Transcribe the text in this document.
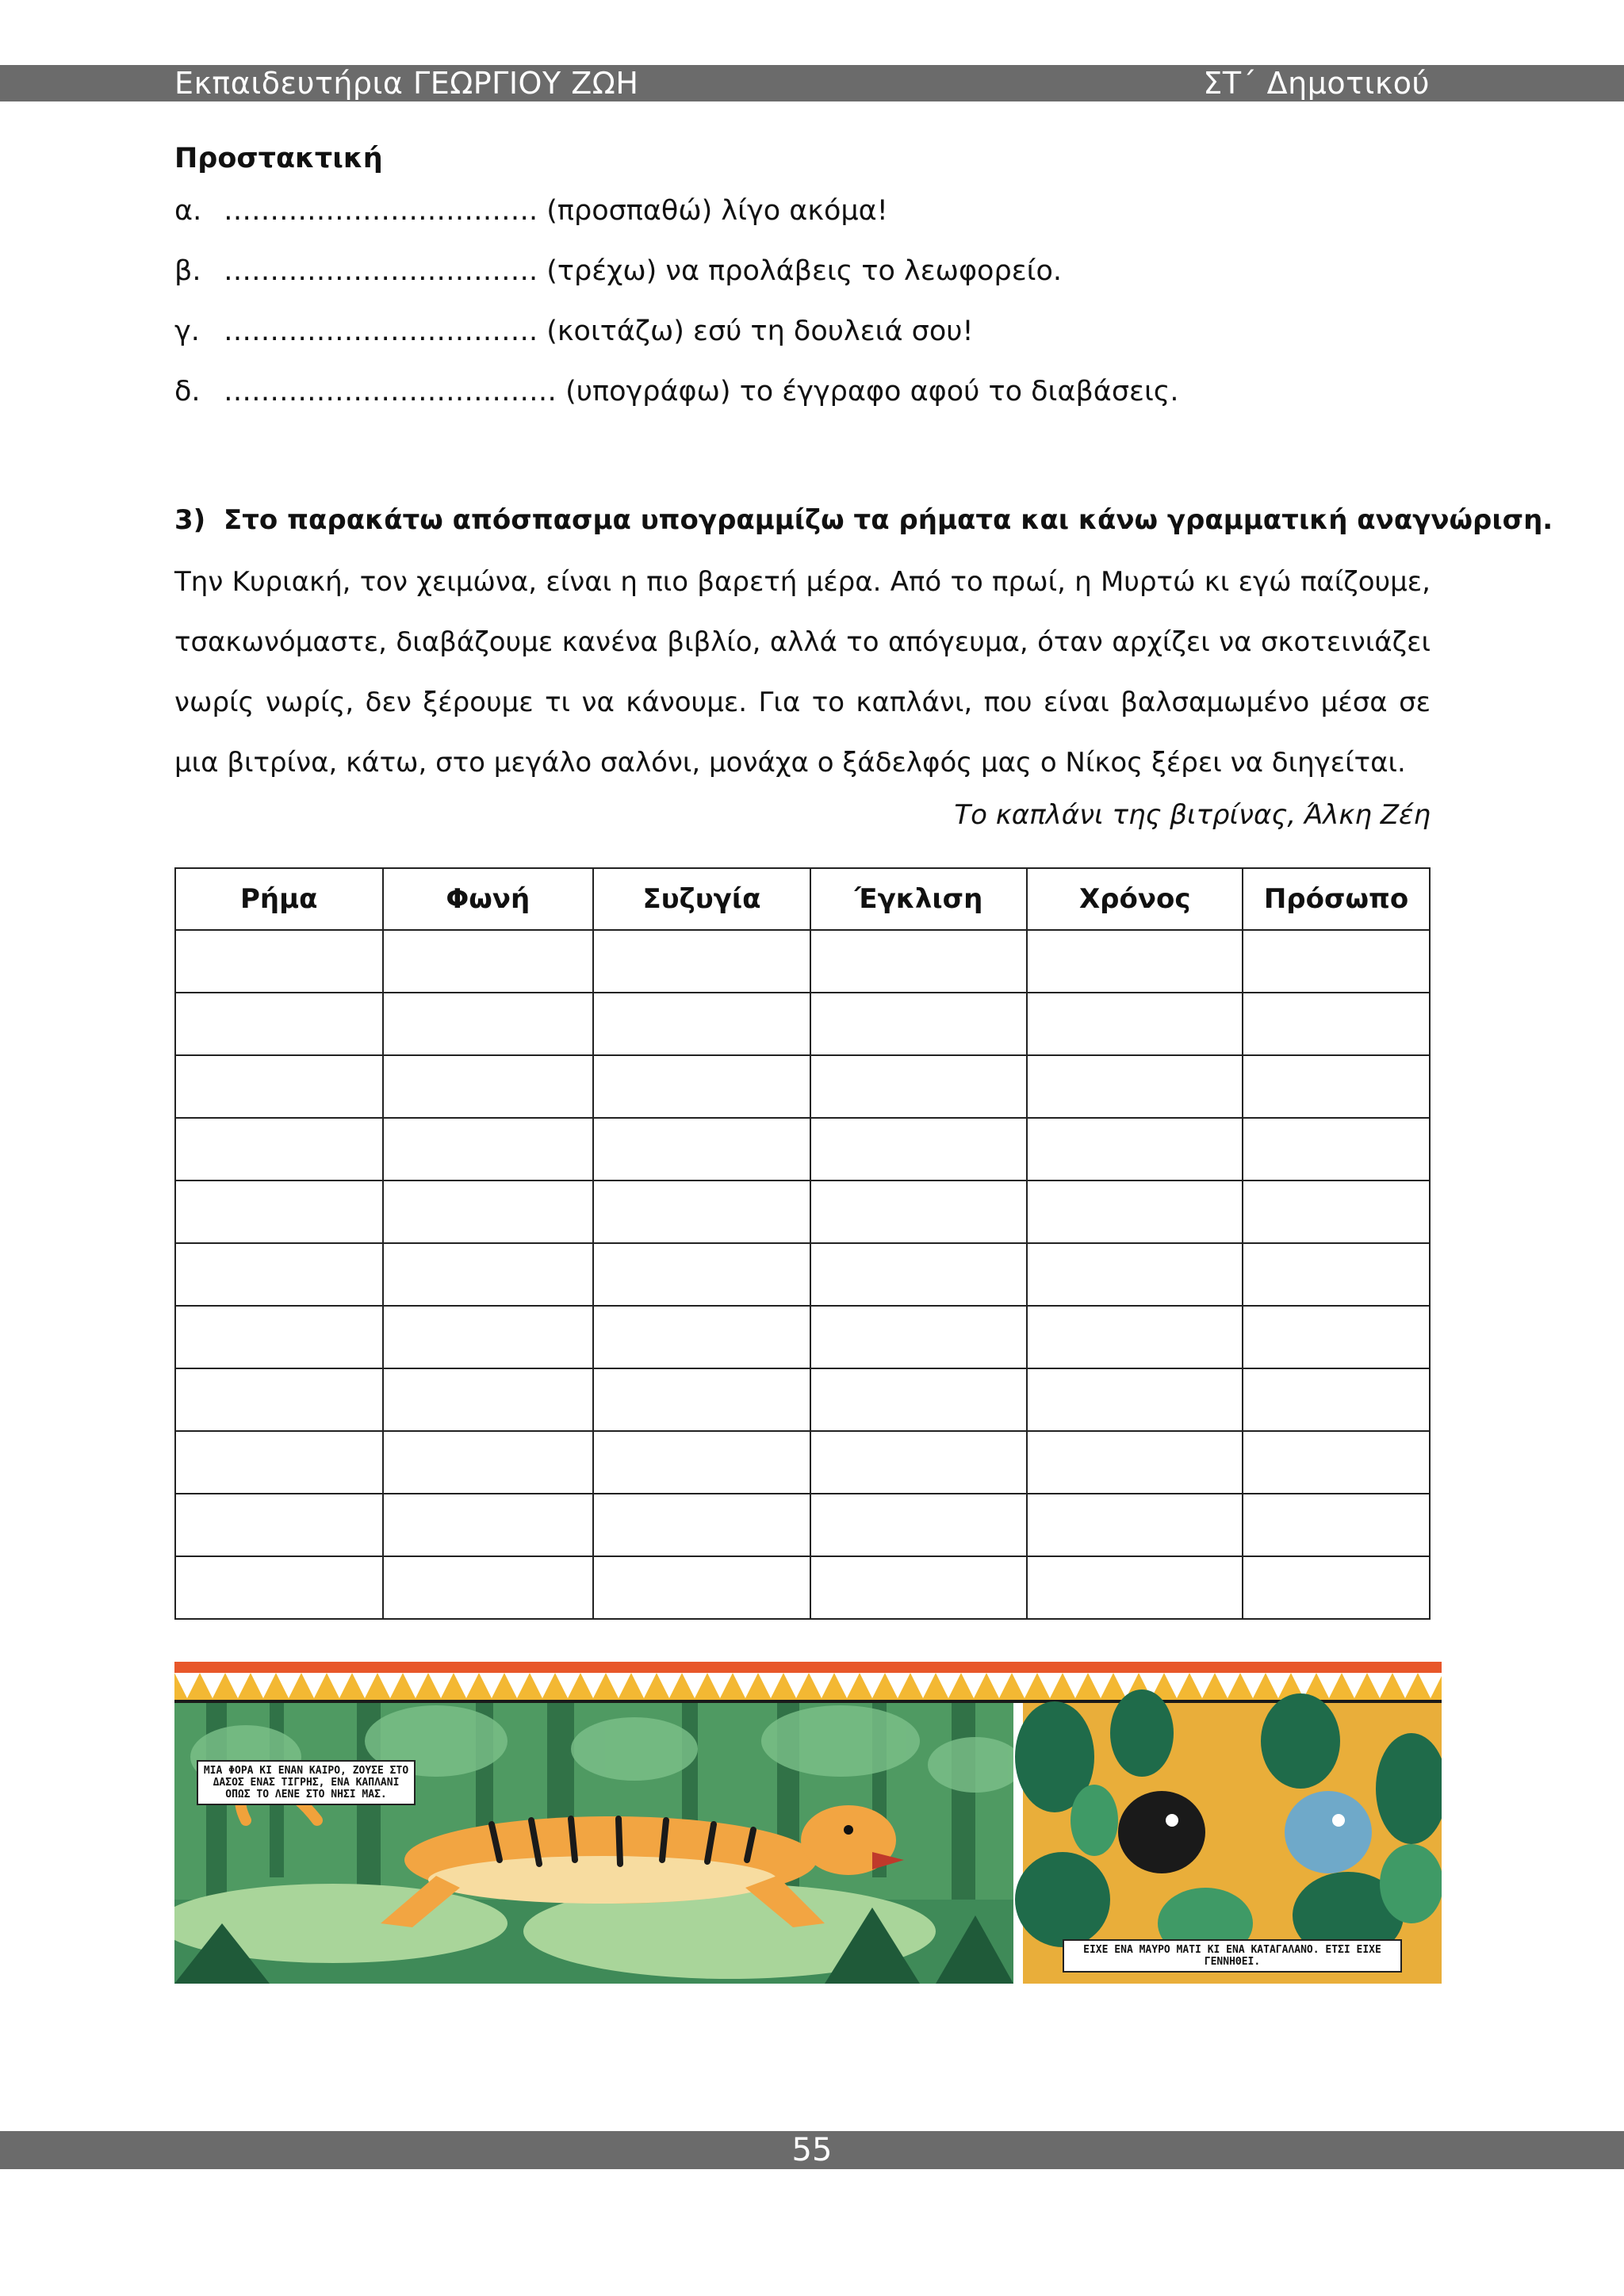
Εκπαιδευτήρια ΓΕΩΡΓΙΟΥ ΖΩΗ	ΣΤ΄ Δημοτικού
Προστακτική
α. ……………………………. (προσπαθώ) λίγο ακόμα!
β. ……………………………. (τρέχω) να προλάβεις το λεωφορείο.
γ. ……………………………. (κοιτάζω) εσύ τη δουλειά σου!
δ. ……………………………… (υπογράφω) το έγγραφο αφού το διαβάσεις.
3) Στο παρακάτω απόσπασμα υπογραμμίζω τα ρήματα και κάνω γραμματική αναγνώριση.

Την Κυριακή, τον χειμώνα, είναι η πιο βαρετή μέρα. Από το πρωί, η Μυρτώ κι εγώ παίζουμε, τσακωνόμαστε, διαβάζουμε κανένα βιβλίο, αλλά το απόγευμα, όταν αρχίζει να σκοτεινιάζει νωρίς νωρίς, δεν ξέρουμε τι να κάνουμε. Για το καπλάνι, που είναι βαλσαμωμένο μέσα σε μια βιτρίνα, κάτω, στο μεγάλο σαλόνι, μονάχα ο ξάδελφός μας ο Νίκος ξέρει να διηγείται.

Το καπλάνι της βιτρίνας, Άλκη Ζέη
Ρήμα	Φωνή	Συζυγία	Έγκλιση	Χρόνος	Πρόσωπο

ΜΙΑ ΦΟΡΑ ΚΙ ΕΝΑΝ ΚΑΙΡΟ, ΖΟΥΣΕ ΣΤΟ ΔΑΣΟΣ ΕΝΑΣ ΤΙΓΡΗΣ, ΕΝΑ ΚΑΠΛΑΝΙ ΟΠΩΣ ΤΟ ΛΕΝΕ ΣΤΟ ΝΗΣΙ ΜΑΣ.
ΕΙΧΕ ΕΝΑ ΜΑΥΡΟ ΜΑΤΙ ΚΙ ΕΝΑ ΚΑΤΑΓΑΛΑΝΟ. ΕΤΣΙ ΕΙΧΕ ΓΕΝΝΗΘΕΙ.
55
